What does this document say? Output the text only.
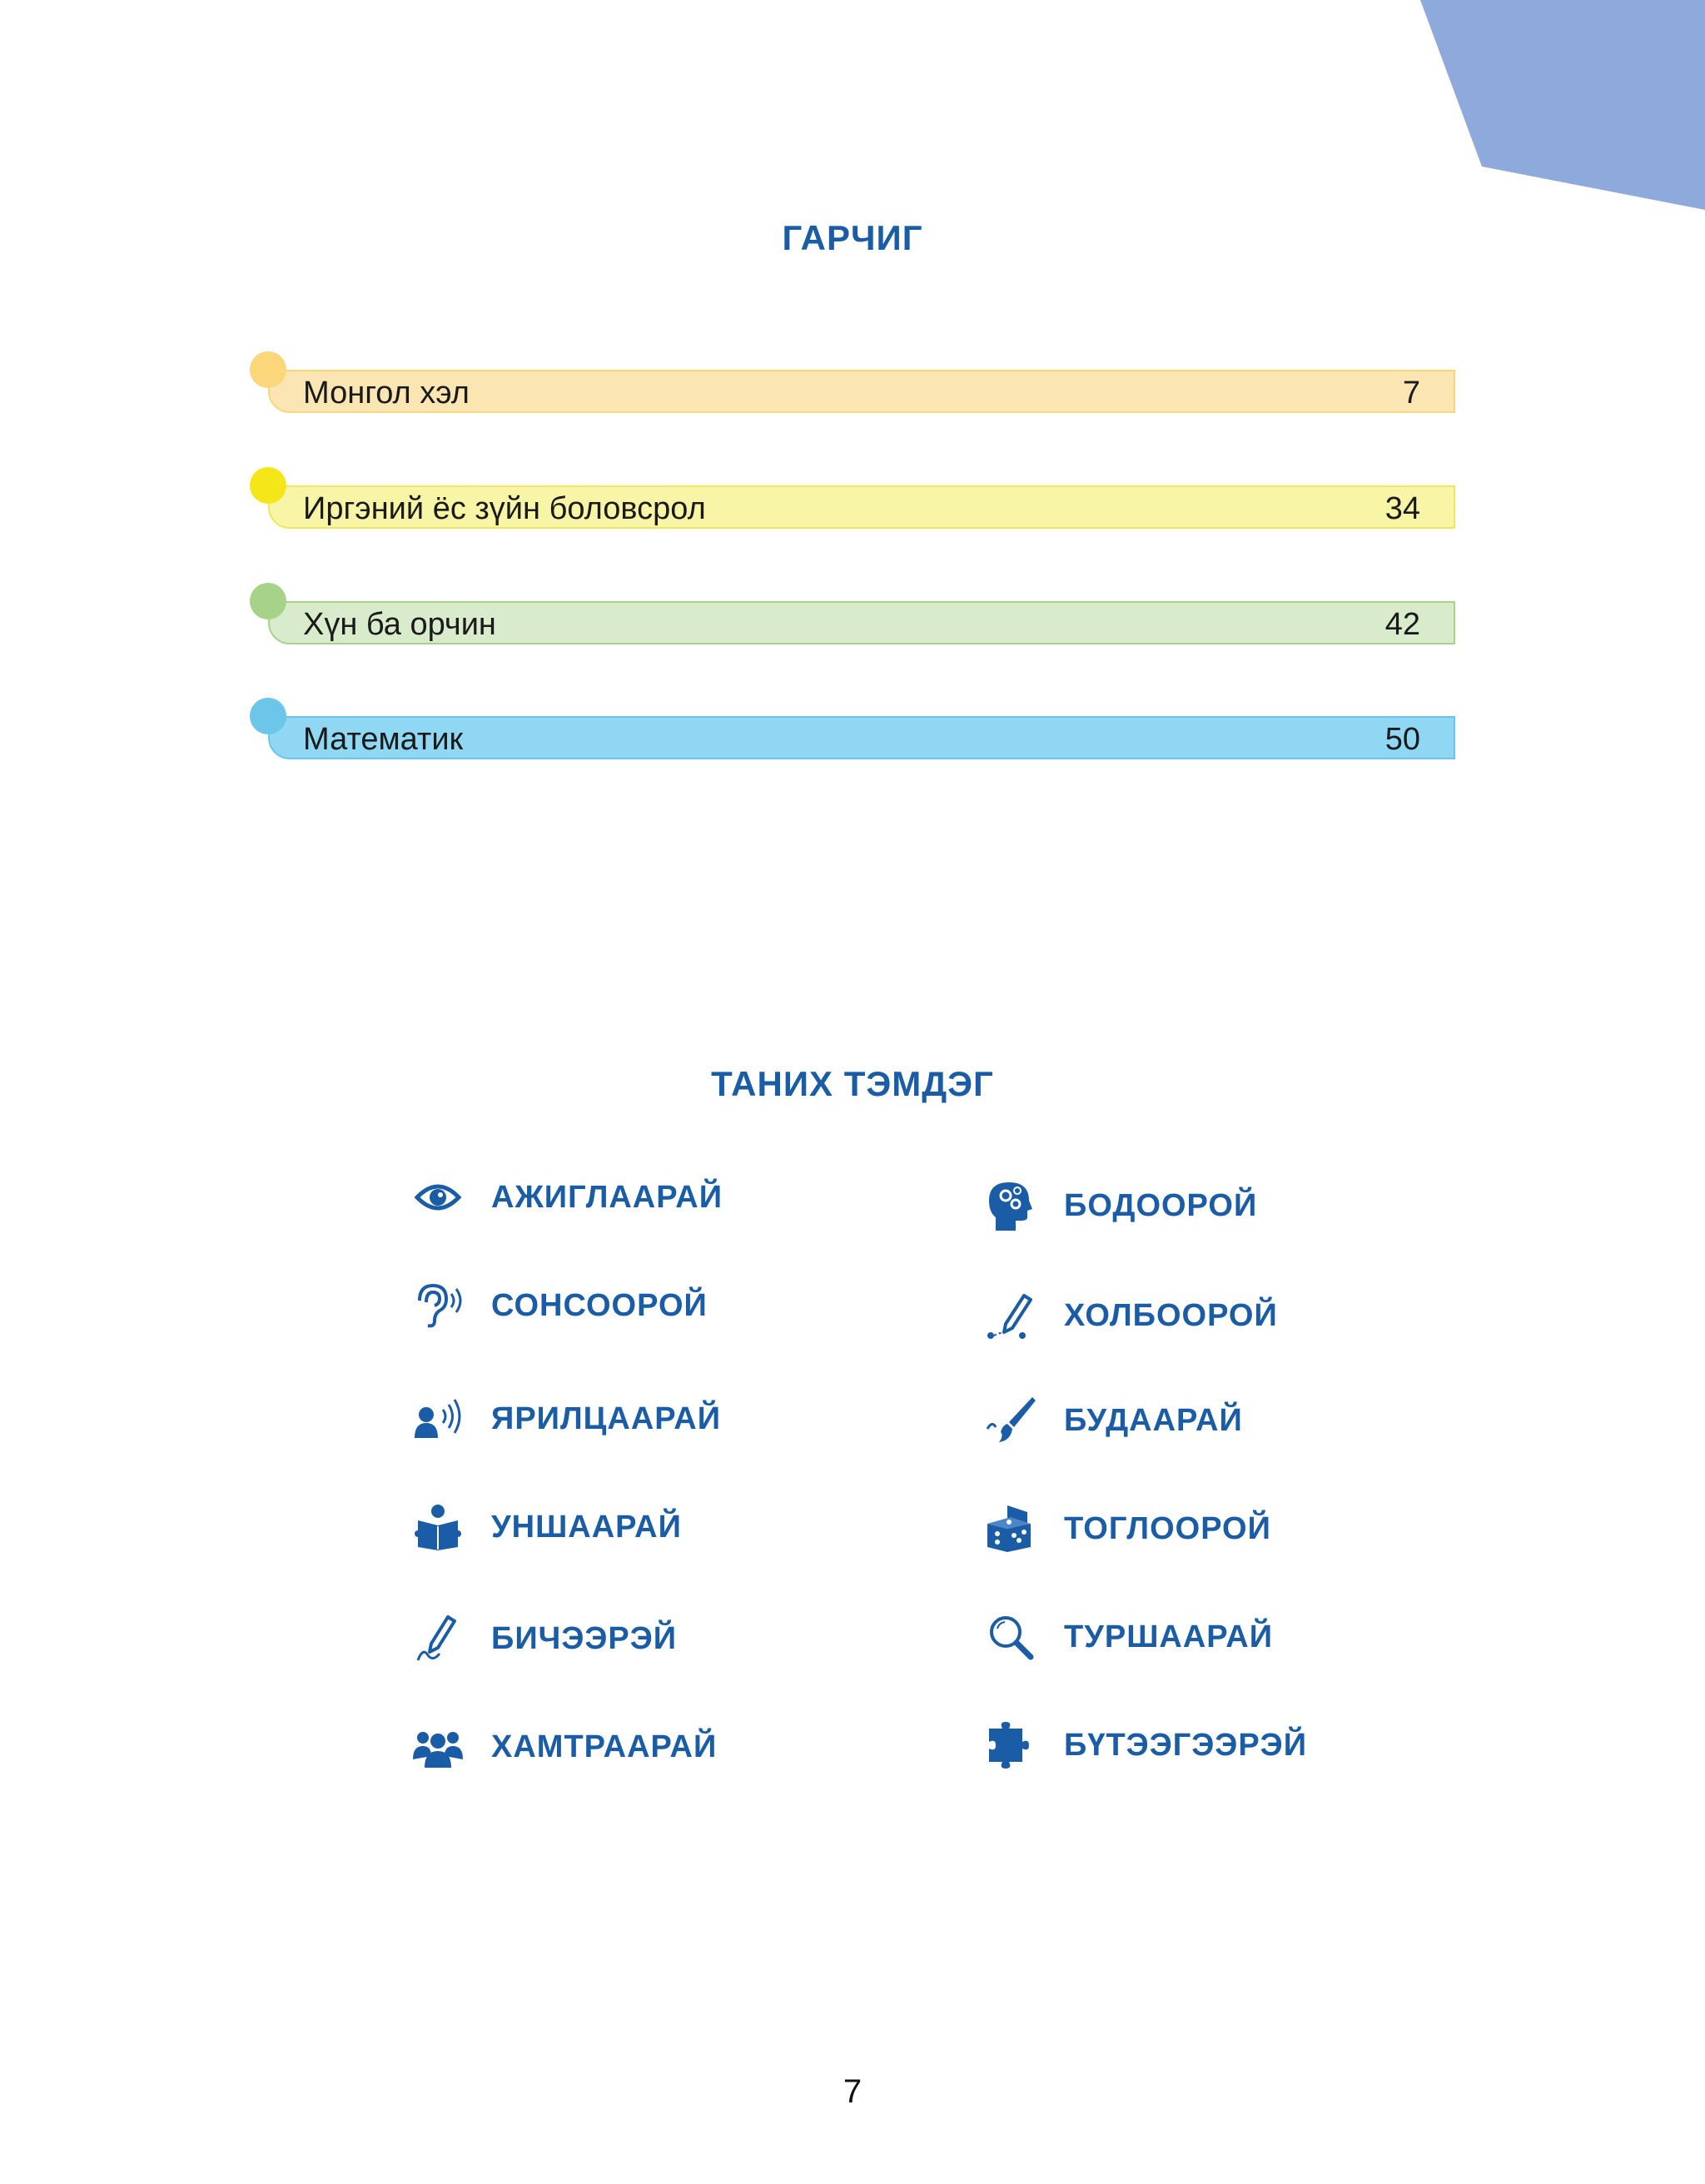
ГАРЧИГ
Монгол хэл	7
Иргэний ёс зүйн боловсрол	34
Хүн ба орчин	42
Математик	50
ТАНИХ ТЭМДЭГ
АЖИГЛААРАЙ
СОНСООРОЙ
ЯРИЛЦААРАЙ
УНШААРАЙ
БИЧЭЭРЭЙ
ХАМТРААРАЙ
БОДООРОЙ
ХОЛБООРОЙ
БУДААРАЙ
ТОГЛООРОЙ
ТУРШААРАЙ
БҮТЭЭГЭЭРЭЙ
7
